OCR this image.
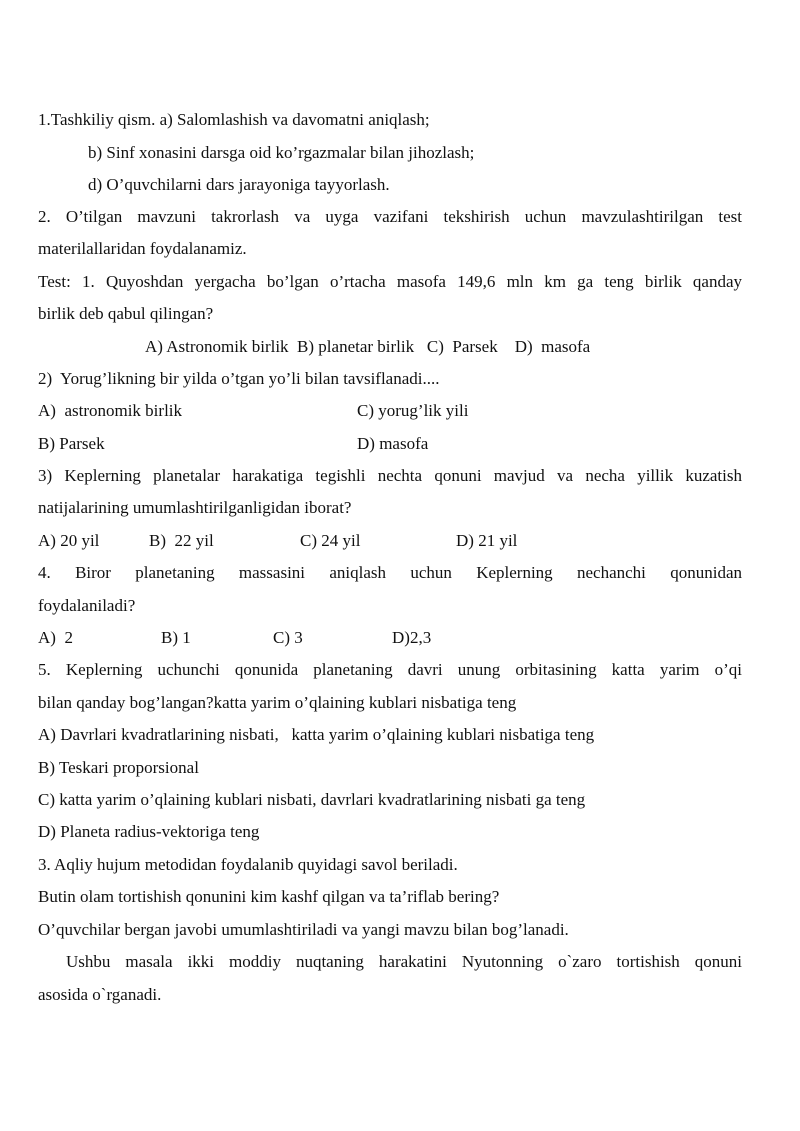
1.Tashkiliy qism. a) Salomlashish va davomatni aniqlash;
b) Sinf xonasini darsga oid ko’rgazmalar bilan jihozlash;
d) O’quvchilarni dars jarayoniga tayyorlash.
2. O’tilgan mavzuni takrorlash va uyga vazifani tekshirish uchun mavzulashtirilgan test
materilallaridan foydalanamiz.
Test: 1. Quyoshdan yergacha bo’lgan o’rtacha masofa 149,6 mln km ga teng birlik qanday
birlik deb qabul qilingan?
A) Astronomik birlik  B) planetar birlik   C)  Parsek    D)  masofa
2)  Yorug’likning bir yilda o’tgan yo’li bilan tavsiflanadi....
A)  astronomik birlik	C) yorug’lik yili
B) Parsek	D) masofa
3) Keplerning planetalar harakatiga tegishli nechta qonuni mavjud va necha yillik kuzatish
natijalarining umumlashtirilganligidan iborat?
A) 20 yil	B)  22 yil	C) 24 yil	D) 21 yil
4. Biror planetaning massasini aniqlash uchun Keplerning nechanchi qonunidan
foydalaniladi?
A)  2	B) 1	C) 3	D)2,3
5. Keplerning uchunchi qonunida planetaning davri unung orbitasining katta yarim o’qi
bilan qanday bog’langan?katta yarim o’qlaining kublari nisbatiga teng
A) Davrlari kvadratlarining nisbati,   katta yarim o’qlaining kublari nisbatiga teng
B) Teskari proporsional
C) katta yarim o’qlaining kublari nisbati, davrlari kvadratlarining nisbati ga teng
D) Planeta radius-vektoriga teng
3. Aqliy hujum metodidan foydalanib quyidagi savol beriladi.
Butin olam tortishish qonunini kim kashf qilgan va ta’riflab bering?
O’quvchilar bergan javobi umumlashtiriladi va yangi mavzu bilan bog’lanadi.
Ushbu masala ikki moddiy nuqtaning harakatini Nyutonning o`zaro tortishish qonuni
asosida o`rganadi.
